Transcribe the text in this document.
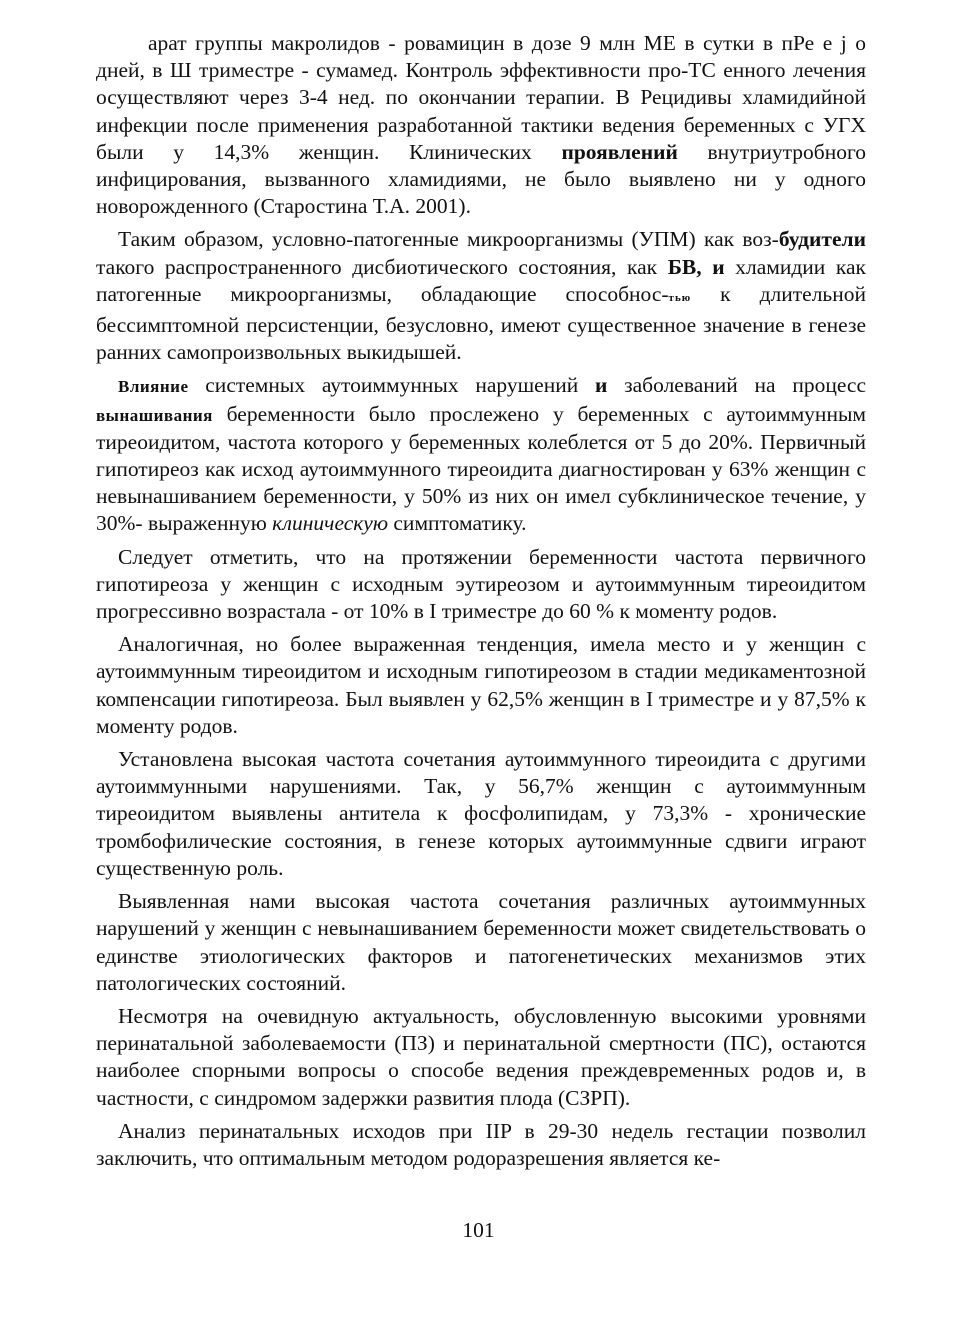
арат группы макролидов - ровамицин в дозе 9 млн МЕ в сутки в пРе е j о дней, в Ш триместре - сумамед. Контроль эффективности про-ТС енного лечения осуществляют через 3-4 нед. по окончании терапии. В Рецидивы хламидийной инфекции после применения разработанной тактики ведения беременных с УГХ были у 14,3% женщин. Клинических проявлений внутриутробного инфицирования, вызванного хламидиями, не было выявлено ни у одного новорожденного (Старостина Т.А. 2001).

Таким образом, условно-патогенные микроорганизмы (УПМ) как воз-будители такого распространенного дисбиотического состояния, как БВ, и хламидии как патогенные микроорганизмы, обладающие способнос-тью к длительной бессимптомной персистенции, безусловно, имеют существенное значение в генезе ранних самопроизвольных выкидышей.

Влияние системных аутоиммунных нарушений и заболеваний на процесс вынашивания беременности было прослежено у беременных с аутоиммунным тиреоидитом, частота которого у беременных колеблется от 5 до 20%. Первичный гипотиреоз как исход аутоиммунного тиреоидита диагностирован у 63% женщин с невынашиванием беременности, у 50% из них он имел субклиническое течение, у 30%- выраженную клиническую симптоматику.

Следует отметить, что на протяжении беременности частота первичного гипотиреоза у женщин с исходным эутиреозом и аутоиммунным тиреоидитом прогрессивно возрастала - от 10% в I триместре до 60 % к моменту родов.

Аналогичная, но более выраженная тенденция, имела место и у женщин с аутоиммунным тиреоидитом и исходным гипотиреозом в стадии медикаментозной компенсации гипотиреоза. Был выявлен у 62,5% женщин в I триместре и у 87,5% к моменту родов.

Установлена высокая частота сочетания аутоиммунного тиреоидита с другими аутоиммунными нарушениями. Так, у 56,7% женщин с аутоиммунным тиреоидитом выявлены антитела к фосфолипидам, у 73,3% - хронические тромбофилические состояния, в генезе которых аутоиммунные сдвиги играют существенную роль.

Выявленная нами высокая частота сочетания различных аутоиммунных нарушений у женщин с невынашиванием беременности может свидетельствовать о единстве этиологических факторов и патогенетических механизмов этих патологических состояний.

Несмотря на очевидную актуальность, обусловленную высокими уровнями перинатальной заболеваемости (ПЗ) и перинатальной смертности (ПС), остаются наиболее спорными вопросы о способе ведения преждевременных родов и, в частности, с синдромом задержки развития плода (СЗРП).

Анализ перинатальных исходов при IIP в 29-30 недель гестации позволил заключить, что оптимальным методом родоразрешения является ке-

101
